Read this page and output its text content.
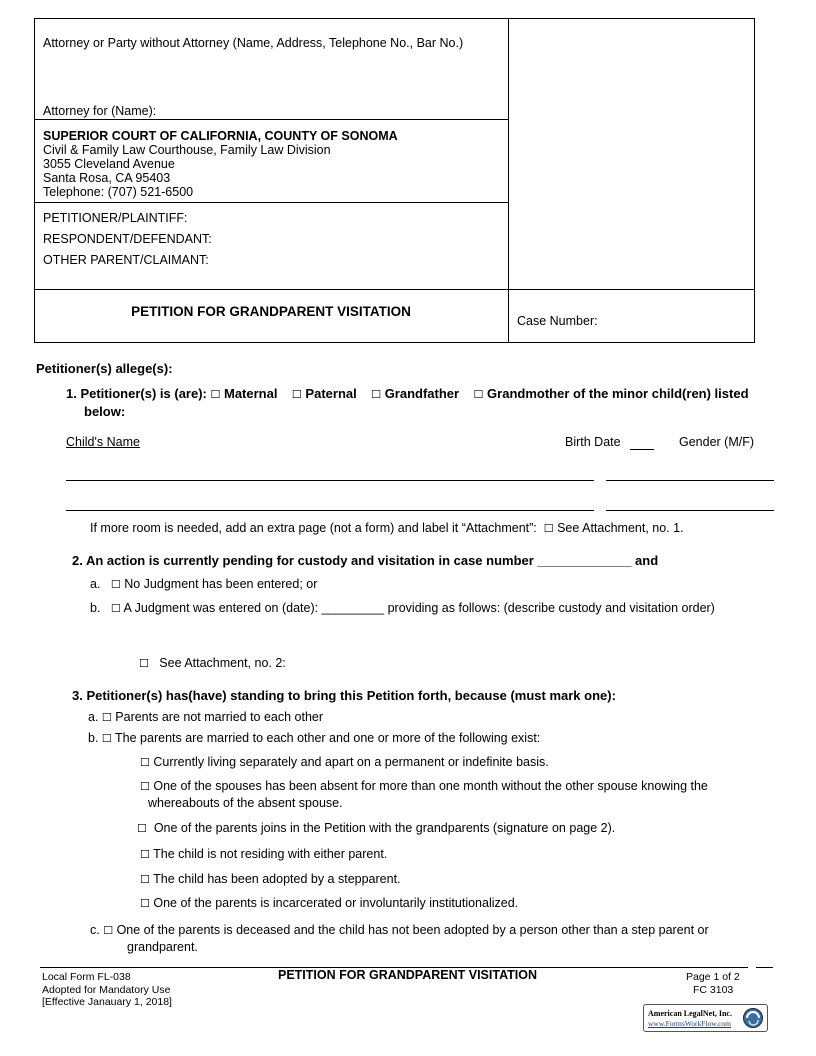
Attorney or Party without Attorney (Name, Address, Telephone No., Bar No.)
Attorney for (Name):
SUPERIOR COURT OF CALIFORNIA, COUNTY OF SONOMA
Civil & Family Law Courthouse, Family Law Division
3055 Cleveland Avenue
Santa Rosa, CA 95403
Telephone: (707) 521-6500
PETITIONER/PLAINTIFF:
RESPONDENT/DEFENDANT:
OTHER PARENT/CLAIMANT:
PETITION FOR GRANDPARENT VISITATION
Case Number:
Petitioner(s) allege(s):
1. Petitioner(s) is (are): ☐ Maternal ☐ Paternal ☐ Grandfather ☐ Grandmother of the minor child(ren) listed
below:
Child's Name	Birth Date	Gender (M/F)
If more room is needed, add an extra page (not a form) and label it “Attachment”: ☐ See Attachment, no. 1.
2. An action is currently pending for custody and visitation in case number _____________ and
a. ☐ No Judgment has been entered; or
b. ☐ A Judgment was entered on (date): _________ providing as follows: (describe custody and visitation order)
☐ See Attachment, no. 2:
3. Petitioner(s) has(have) standing to bring this Petition forth, because (must mark one):
a. ☐ Parents are not married to each other
b. ☐ The parents are married to each other and one or more of the following exist:
☐ Currently living separately and apart on a permanent or indefinite basis.
☐ One of the spouses has been absent for more than one month without the other spouse knowing the
whereabouts of the absent spouse.
☐ One of the parents joins in the Petition with the grandparents (signature on page 2).
☐ The child is not residing with either parent.
☐ The child has been adopted by a stepparent.
☐ One of the parents is incarcerated or involuntarily institutionalized.
c. ☐ One of the parents is deceased and the child has not been adopted by a person other than a step parent or
grandparent.
Local Form FL-038
Adopted for Mandatory Use
[Effective Janauary 1, 2018]
PETITION FOR GRANDPARENT VISITATION	Page 1 of 2
FC 3103
American LegalNet, Inc.
www.FormsWorkFlow.com
